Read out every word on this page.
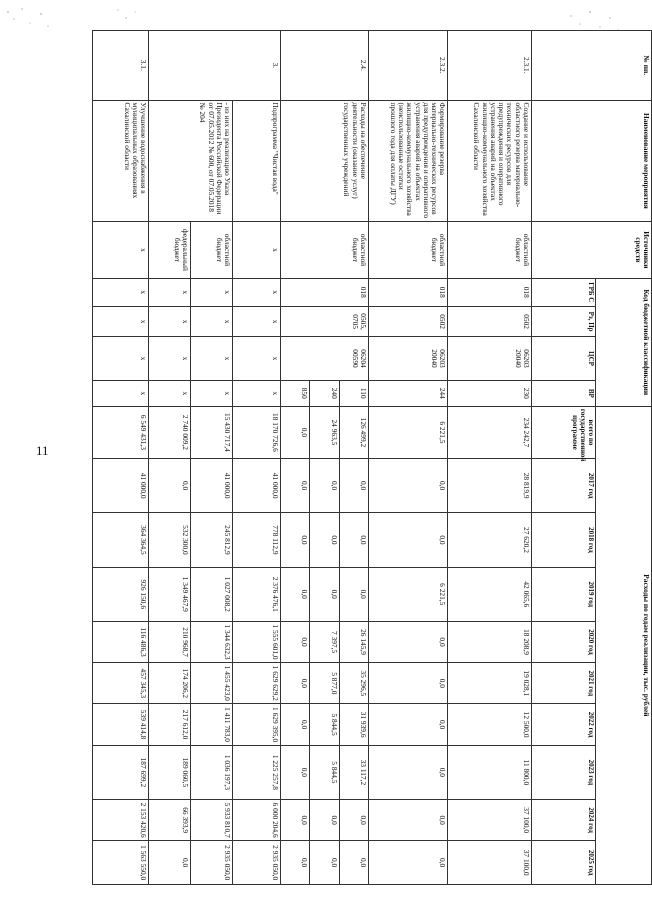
11
№ пп.	Наименование мероприятия	Источники средств	Код бюджетной классификации				Расходы по годам реализации, тыс. рублей									
			ГРБ С	Рз, Пр	ЦСР	ВР	всего по государственной программе	2017 год	2018 год	2019 год	2020 год	2021 год	2022 год	2023 год	2024 год	2025 год
2.3.1.	Создание и использование областного резерва материально-технических ресурсов для предупреждения и оперативного устранения аварий на объектах жилищно-коммунального хозяйства Сахалинской области	областной бюджет	018	0502	06203 20040	230	234 242,7	28 819,9	27 620,2	42 065,6	18 208,9	19 028,1	12 500,0	11 800,0	37 100,0	37 100,0
2.3.2.	Формирование резерва материально-технических ресурсов для предупреждения и оперативного устранения аварий на объектах жилищно-коммунального хозяйства (неиспользованные остатки прошлого года для оплаты ДГУ)	областной бюджет	018	0502	06203 20040	244	6 221,5	0,0	0,0	6 221,5	0,0	0,0	0,0	0,0	0,0	0,0
2.4.	Расходы на обеспечение деятельности (оказание услуг) государственных учреждений	областной бюджет	018	0505, 0705	06204 00590	110	126 499,2	0,0	0,0	0,0	26 145,9	35 296,5	31 939,6	33 117,2	0,0	0,0
						240	24 963,5	0,0	0,0	0,0	7 397,5	5 877,0	5 844,5	5 844,5	0,0	0,0
						850	0,0	0,0	0,0	0,0	0,0	0,0	0,0	0,0	0,0	0,0
3.	Подпрограмма "Чистая вода"	х	х	х	х	х	18 170 726,6	41 000,0	778 112,9	2 376 476,1	1 555 601,0	1 629 629,2	1 629 395,0	1 225 257,8	6 000 204,6	2 935 050,0
	- из них на реализацию Указа Президента Российской Федерации от 07.05.2012 № 600, от 07.05.2018 № 204	областной бюджет	х	х	х	х	15 430 717,4	41 000,0	245 812,9	1 027 008,2	1 344 632,3	1 455 423,0	1 411 783,0	1 036 197,3	5 933 810,7	2 935 050,0
		федеральный бюджет	х	х	х	х	2 740 009,2	0,0	532 300,0	1 349 467,9	210 968,7	174 206,2	217 612,0	189 060,5	66 393,9	0,0
3.1.	Улучшение водоснабжения в муниципальных образованиях Сахалинской области	х	х	х	х	х	6 549 431,3	41 000,0	364 364,5	926 150,6	116 486,3	457 345,3	539 414,8	187 699,2	2 153 420,6	1 563 550,0
